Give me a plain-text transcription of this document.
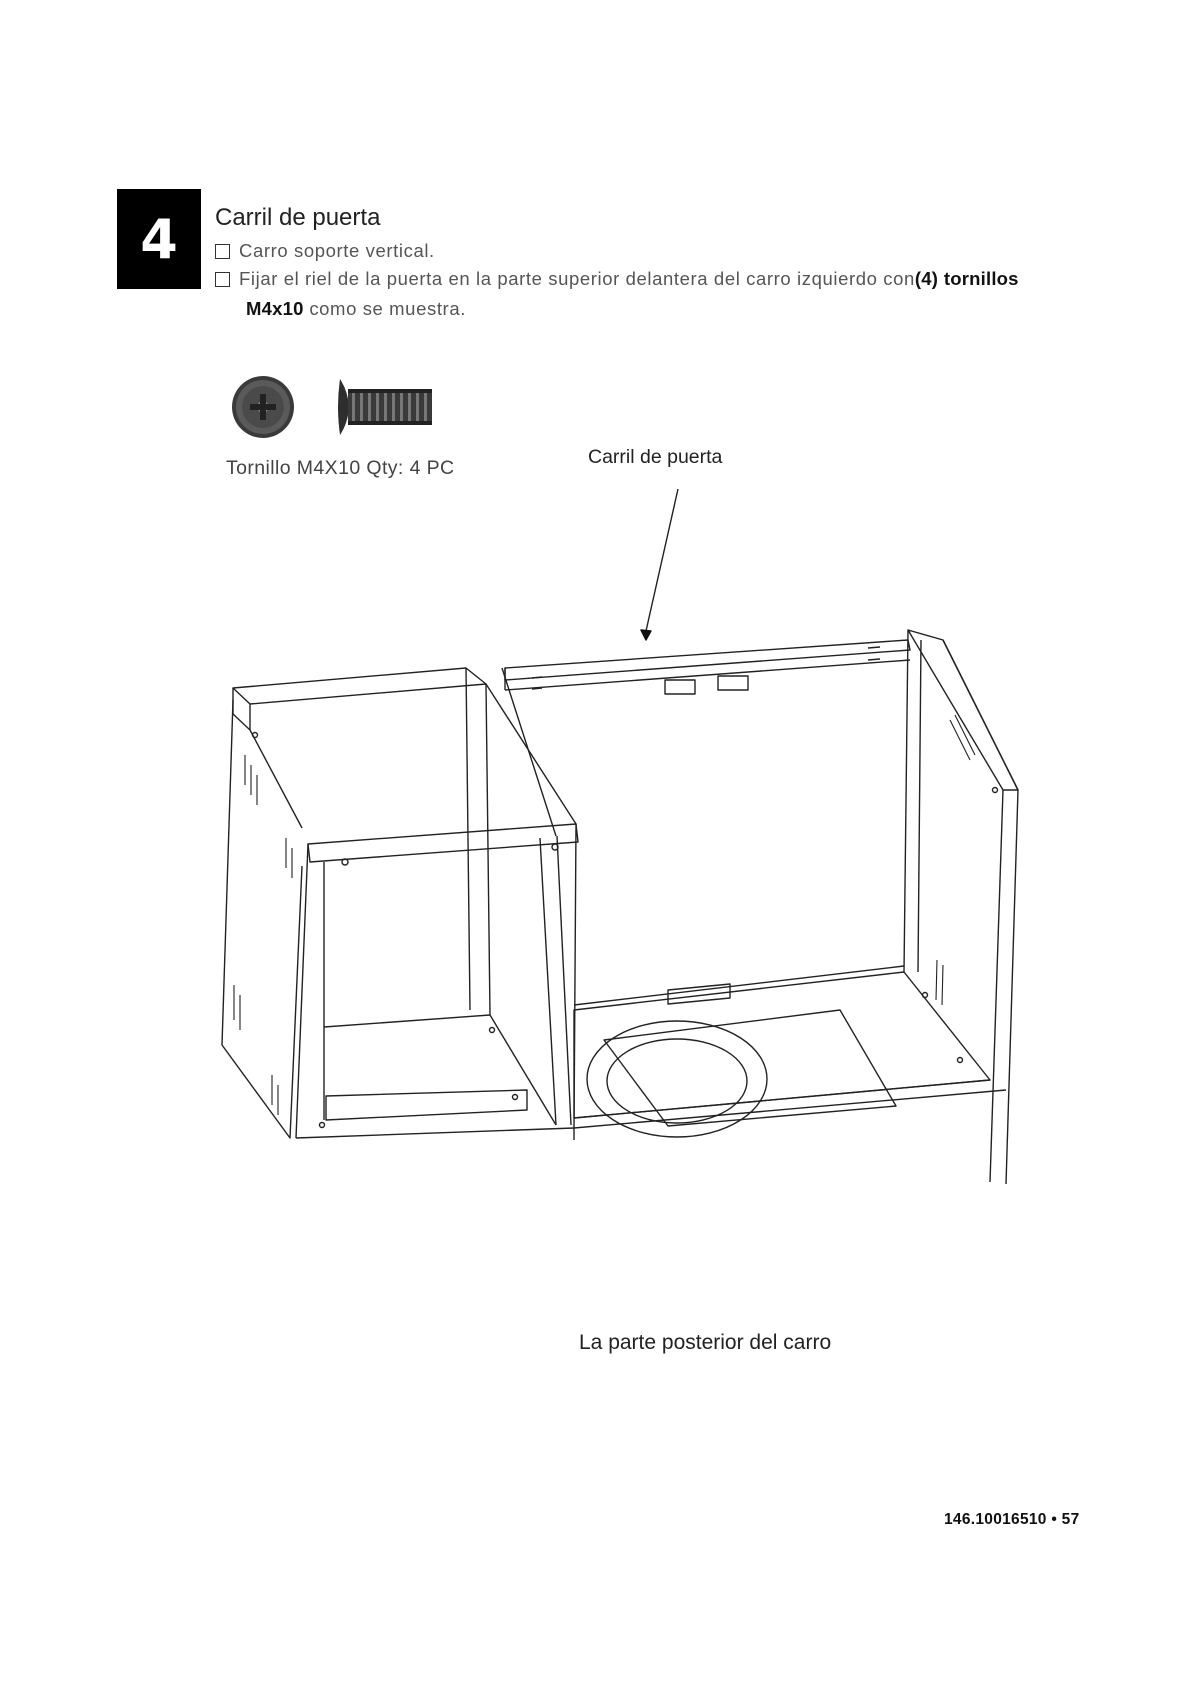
4	Carril de puerta
Carro soporte vertical.
Fijar el riel de la puerta en la parte superior delantera del carro izquierdo con (4)
tornillos
M4x10 como se muestra.
Tornillo M4X10 Qty: 4 PC	Carril de puerta
La parte posterior del carro
146.10016510 • 57
